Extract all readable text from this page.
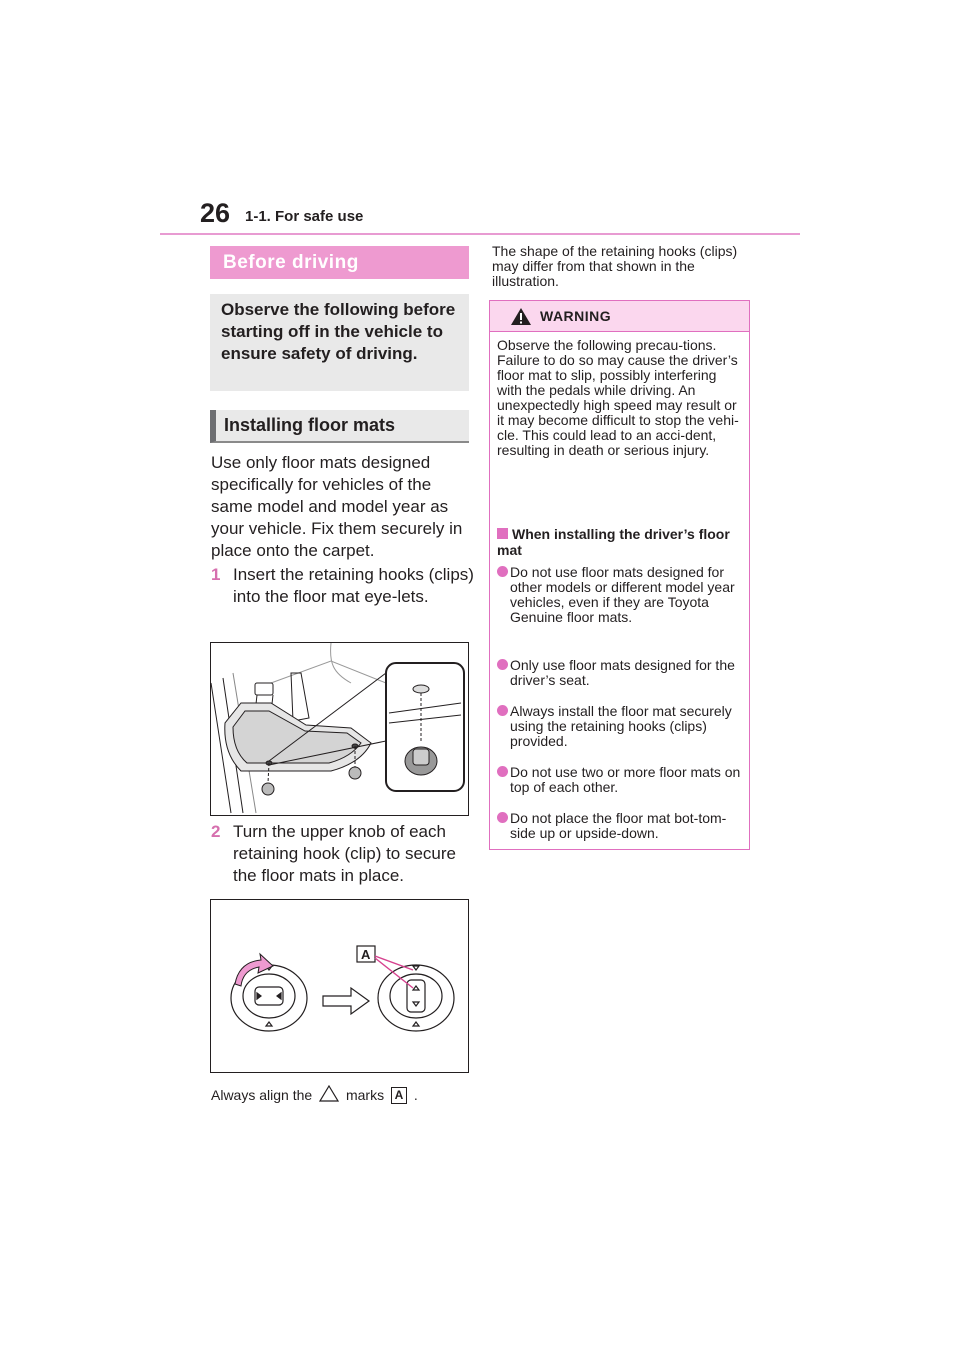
26 1-1. For safe use
Before driving
Observe the following before starting off in the vehicle to ensure safety of driving.
Installing floor mats
Use only floor mats designed specifically for vehicles of the same model and model year as your vehicle. Fix them securely in place onto the carpet.
1 Insert the retaining hooks (clips) into the floor mat eye-lets.
2 Turn the upper knob of each retaining hook (clip) to secure the floor mats in place.
A
Always align the marks A .
The shape of the retaining hooks (clips) may differ from that shown in the illustration.
WARNING

Observe the following precau-tions.

Failure to do so may cause the driver’s floor mat to slip, possibly interfering with the pedals while driving. An unexpectedly high speed may result or it may become difficult to stop the vehi-cle. This could lead to an acci-dent, resulting in death or serious injury.

When installing the driver’s floor mat
Do not use floor mats designed for other models or different model year vehicles, even if they are Toyota Genuine floor mats.
Only use floor mats designed for the driver’s seat.
Always install the floor mat securely using the retaining hooks (clips) provided.
Do not use two or more floor mats on top of each other.
Do not place the floor mat bot-tom-side up or upside-down.
